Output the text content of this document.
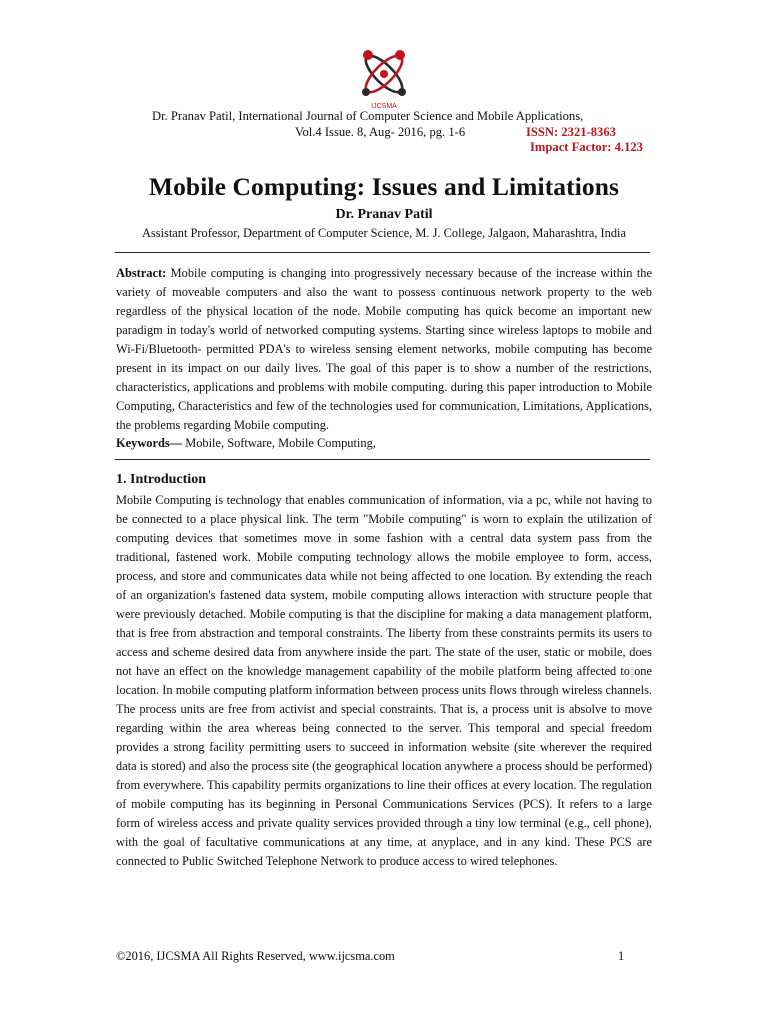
IJCSMA
Dr. Pranav Patil, International Journal of Computer Science and Mobile Applications,
Vol.4 Issue. 8, Aug- 2016, pg. 1-6	ISSN: 2321-8363
Impact Factor: 4.123
Mobile Computing: Issues and Limitations
Dr. Pranav Patil
Assistant Professor, Department of Computer Science, M. J. College, Jalgaon, Maharashtra, India
Abstract: Mobile computing is changing into progressively necessary because of the increase within the variety of moveable computers and also the want to possess continuous network property to the web regardless of the physical location of the node. Mobile computing has quick become an important new paradigm in today's world of networked computing systems. Starting since wireless laptops to mobile and Wi-Fi/Bluetooth- permitted PDA's to wireless sensing element networks, mobile computing has become present in its impact on our daily lives. The goal of this paper is to show a number of the restrictions, characteristics, applications and problems with mobile computing. during this paper introduction to Mobile Computing, Characteristics and few of the technologies used for communication, Limitations, Applications, the problems regarding Mobile computing.
Keywords— Mobile, Software, Mobile Computing,
1. Introduction
Mobile Computing is technology that enables communication of information, via a pc, while not having to be connected to a place physical link. The term "Mobile computing" is worn to explain the utilization of computing devices that sometimes move in some fashion with a central data system pass from the traditional, fastened work. Mobile computing technology allows the mobile employee to form, access, process, and store and communicates data while not being affected to one location. By extending the reach of an organization's fastened data system, mobile computing allows interaction with structure people that were previously detached. Mobile computing is that the discipline for making a data management platform, that is free from abstraction and temporal constraints. The liberty from these constraints permits its users to access and scheme desired data from anywhere inside the part. The state of the user, static or mobile, does not have an effect on the knowledge management capability of the mobile platform being affected to one location. In mobile computing platform information between process units flows through wireless channels. The process units are free from activist and special constraints. That is, a process unit is absolve to move regarding within the area whereas being connected to the server. This temporal and special freedom provides a strong facility permitting users to succeed in information website (site wherever the required data is stored) and also the process site (the geographical location anywhere a process should be performed) from everywhere. This capability permits organizations to line their offices at every location. The regulation of mobile computing has its beginning in Personal Communications Services (PCS). It refers to a large form of wireless access and private quality services provided through a tiny low terminal (e.g., cell phone), with the goal of facultative communications at any time, at anyplace, and in any kind. These PCS are connected to Public Switched Telephone Network to produce access to wired telephones.
©2016, IJCSMA All Rights Reserved, www.ijcsma.com	1
